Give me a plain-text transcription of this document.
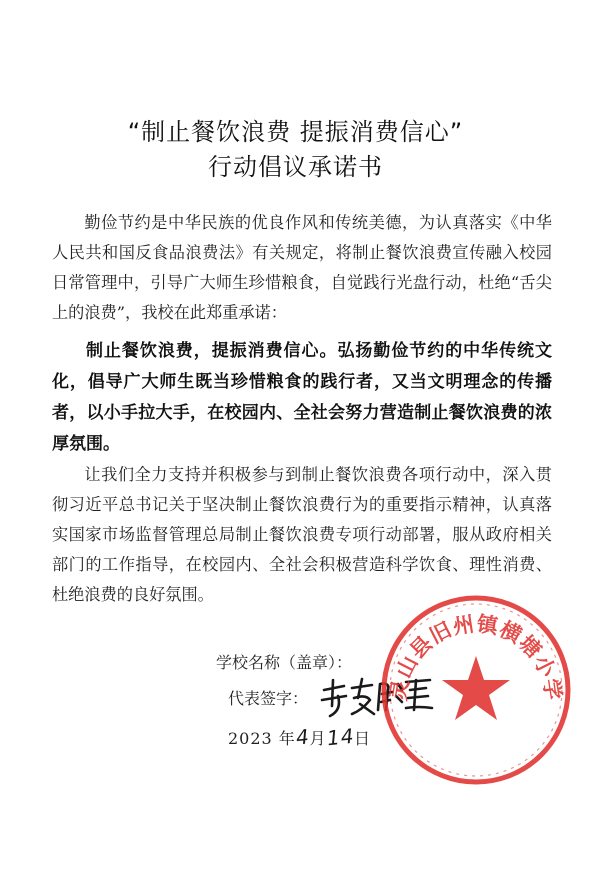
“制止餐饮浪费 提振消费信心”
行动倡议承诺书

勤俭节约是中华民族的优良作风和传统美德，为认真落实《中华人民共和国反食品浪费法》有关规定，将制止餐饮浪费宣传融入校园日常管理中，引导广大师生珍惜粮食，自觉践行光盘行动，杜绝“舌尖上的浪费”，我校在此郑重承诺：

制止餐饮浪费，提振消费信心。弘扬勤俭节约的中华传统文化，倡导广大师生既当珍惜粮食的践行者，又当文明理念的传播者，以小手拉大手，在校园内、全社会努力营造制止餐饮浪费的浓厚氛围。

让我们全力支持并积极参与到制止餐饮浪费各项行动中，深入贯彻习近平总书记关于坚决制止餐饮浪费行为的重要指示精神，认真落实国家市场监督管理总局制止餐饮浪费专项行动部署，服从政府相关部门的工作指导，在校园内、全社会积极营造科学饮食、理性消费、杜绝浪费的良好氛围。

学校名称（盖章）：
代表签字：
2023 年4月14日
灵山县旧州镇横塘小学
